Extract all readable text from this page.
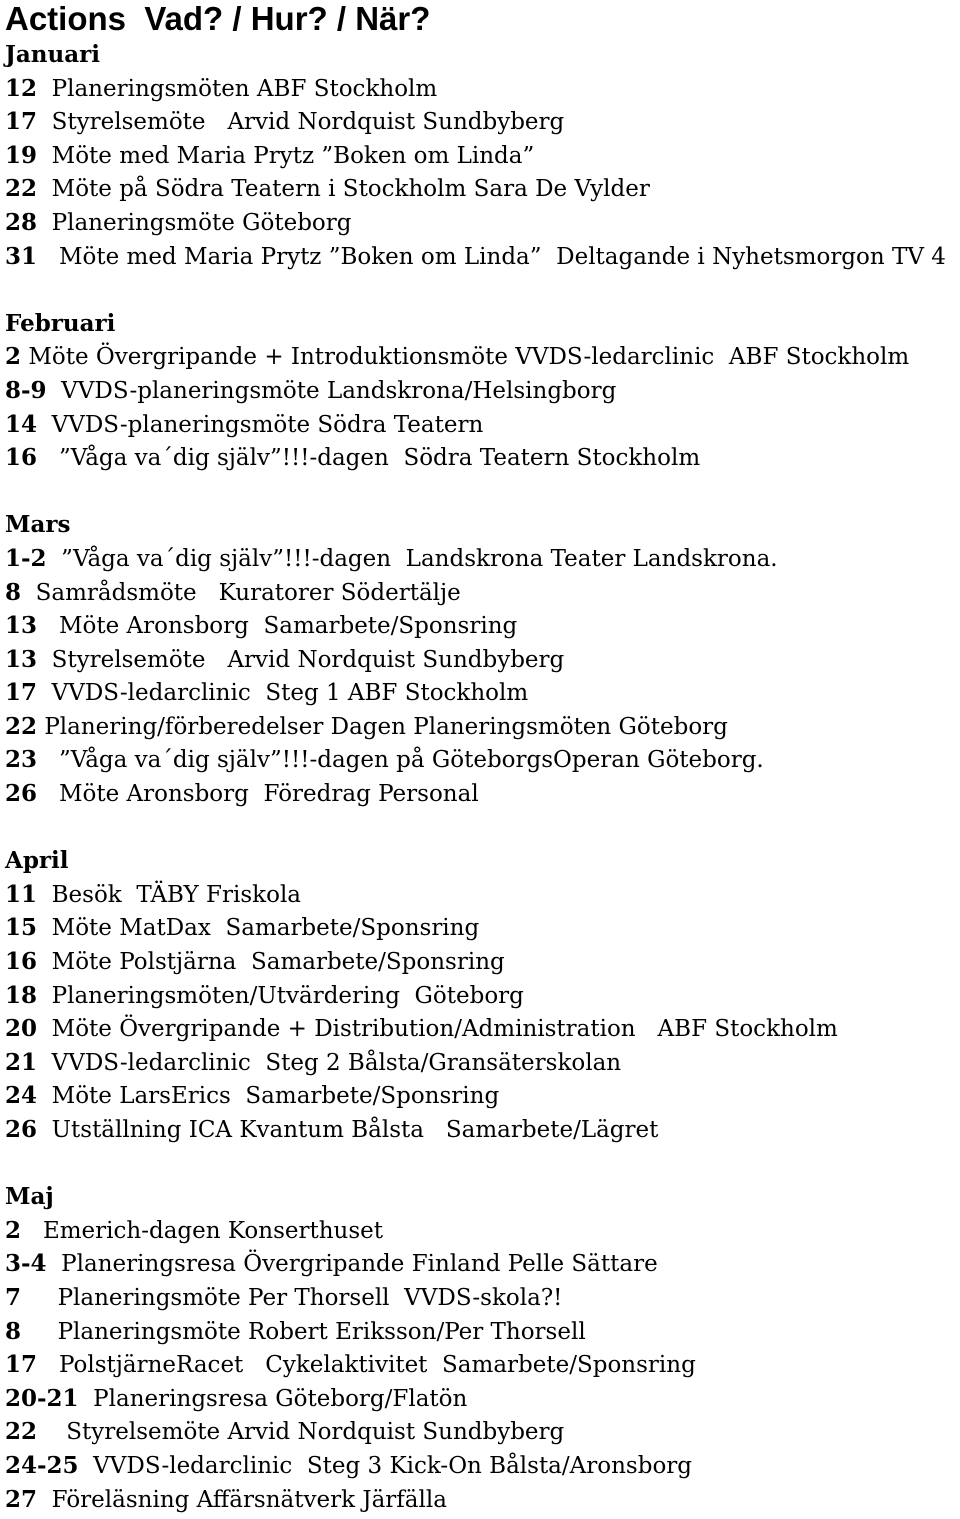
Actions  Vad? / Hur? / När?
Januari
12  Planeringsmöten ABF Stockholm
17  Styrelsemöte   Arvid Nordquist Sundbyberg
19  Möte med Maria Prytz ”Boken om Linda”
22  Möte på Södra Teatern i Stockholm Sara De Vylder
28  Planeringsmöte Göteborg
31   Möte med Maria Prytz ”Boken om Linda”  Deltagande i Nyhetsmorgon TV 4
Februari
2 Möte Övergripande + Introduktionsmöte VVDS-ledarclinic  ABF Stockholm
8-9  VVDS-planeringsmöte Landskrona/Helsingborg
14  VVDS-planeringsmöte Södra Teatern
16   ”Våga va´dig själv”!!!-dagen  Södra Teatern Stockholm
Mars
1-2  ”Våga va´dig själv”!!!-dagen  Landskrona Teater Landskrona.
8  Samrådsmöte   Kuratorer Södertälje
13   Möte Aronsborg  Samarbete/Sponsring
13  Styrelsemöte   Arvid Nordquist Sundbyberg
17  VVDS-ledarclinic  Steg 1 ABF Stockholm
22 Planering/förberedelser Dagen Planeringsmöten Göteborg
23   ”Våga va´dig själv”!!!-dagen på GöteborgsOperan Göteborg.
26   Möte Aronsborg  Föredrag Personal
April
11  Besök  TÄBY Friskola
15  Möte MatDax  Samarbete/Sponsring
16  Möte Polstjärna  Samarbete/Sponsring
18  Planeringsmöten/Utvärdering  Göteborg
20  Möte Övergripande + Distribution/Administration   ABF Stockholm
21  VVDS-ledarclinic  Steg 2 Bålsta/Gransäterskolan
24  Möte LarsErics  Samarbete/Sponsring
26  Utställning ICA Kvantum Bålsta   Samarbete/Lägret
Maj
2   Emerich-dagen Konserthuset
3-4  Planeringsresa Övergripande Finland Pelle Sättare
7     Planeringsmöte Per Thorsell  VVDS-skola?!
8     Planeringsmöte Robert Eriksson/Per Thorsell
17   PolstjärneRacet   Cykelaktivitet  Samarbete/Sponsring
20-21  Planeringsresa Göteborg/Flatön
22    Styrelsemöte Arvid Nordquist Sundbyberg
24-25  VVDS-ledarclinic  Steg 3 Kick-On Bålsta/Aronsborg
27  Föreläsning Affärsnätverk Järfälla
